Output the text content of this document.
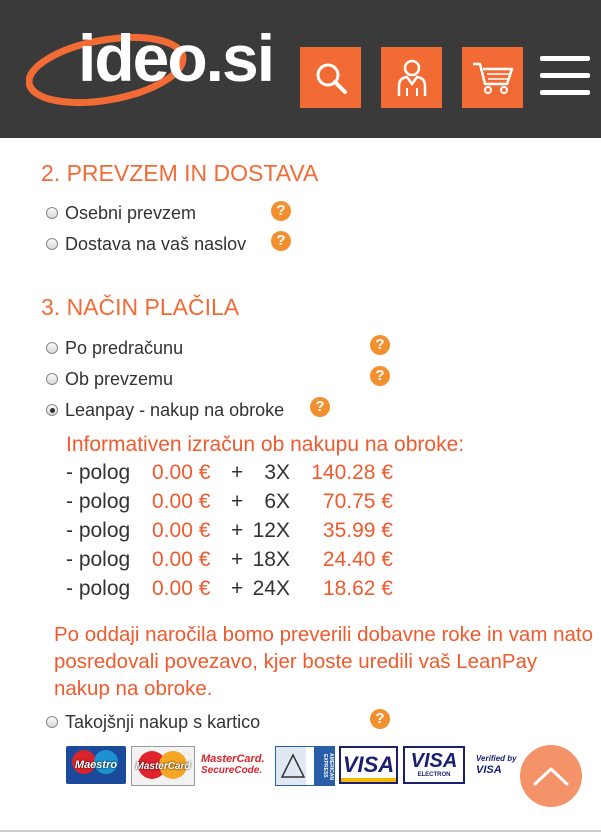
ideo.si
2. PREVZEM IN DOSTAVA
Osebni prevzem	?
Dostava na vaš naslov	?
3. NAČIN PLAČILA
Po predračunu	?
Ob prevzemu	?
Leanpay - nakup na obroke	?
Informativen izračun ob nakupu na obroke:
- polog 0.00 € +	3X	140.28 €
- polog 0.00 € +	6X	70.75 €
- polog 0.00 € + 12X	35.99 €
- polog 0.00 € + 18X	24.40 €
- polog 0.00 € + 24X	18.62 €
Po oddaji naročila bomo preverili dobavne roke in vam nato posredovali povezavo, kjer boste uredili vaš LeanPay nakup na obroke.
Takojšnji nakup s kartico	?
Maestro MasterCard
MasterCard.
SecureCode.	AMERICAN EXPRESS VISA VISA
ELECTRON
Verified by
VISA
